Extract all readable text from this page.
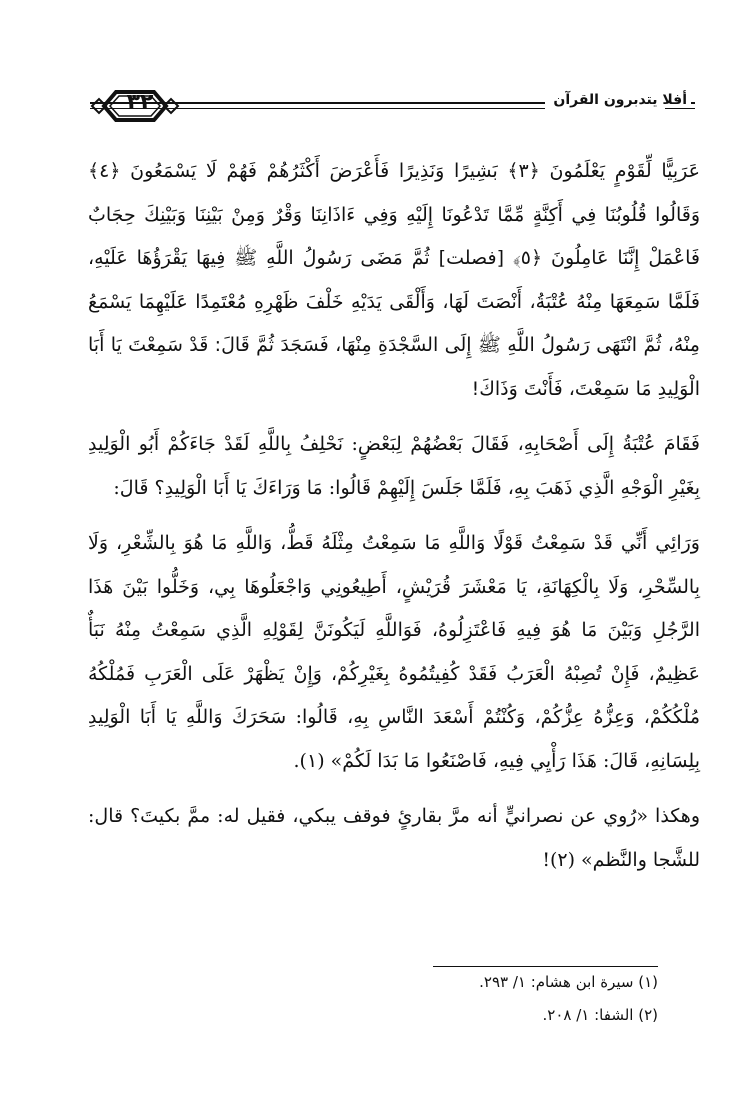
أفلا يتدبرون القرآن
٣٢

عَرَبِيًّا لِّقَوْمٍ يَعْلَمُونَ ﴿٣﴾ بَشِيرًا وَنَذِيرًا فَأَعْرَضَ أَكْثَرُهُمْ فَهُمْ لَا يَسْمَعُونَ ﴿٤﴾ وَقَالُوا قُلُوبُنَا فِي أَكِنَّةٍ مِّمَّا تَدْعُونَا إِلَيْهِ وَفِي ءَاذَانِنَا وَقْرٌ وَمِنْ بَيْنِنَا وَبَيْنِكَ حِجَابٌ فَاعْمَلْ إِنَّنَا عَامِلُونَ ﴿٥﴾ [فصلت] ثُمَّ مَضَى رَسُولُ اللَّهِ ﷺ فِيهَا يَقْرَؤُهَا عَلَيْهِ، فَلَمَّا سَمِعَهَا مِنْهُ عُتْبَةُ، أَنْصَتَ لَهَا، وَأَلْقَى يَدَيْهِ خَلْفَ ظَهْرِهِ مُعْتَمِدًا عَلَيْهِمَا يَسْمَعُ مِنْهُ، ثُمَّ انْتَهَى رَسُولُ اللَّهِ ﷺ إِلَى السَّجْدَةِ مِنْهَا، فَسَجَدَ ثُمَّ قَالَ: قَدْ سَمِعْتَ يَا أَبَا الْوَلِيدِ مَا سَمِعْتَ، فَأَنْتَ وَذَاكَ!

فَقَامَ عُتْبَةُ إِلَى أَصْحَابِهِ، فَقَالَ بَعْضُهُمْ لِبَعْضٍ: نَحْلِفُ بِاللَّهِ لَقَدْ جَاءَكُمْ أَبُو الْوَلِيدِ بِغَيْرِ الْوَجْهِ الَّذِي ذَهَبَ بِهِ، فَلَمَّا جَلَسَ إِلَيْهِمْ قَالُوا: مَا وَرَاءَكَ يَا أَبَا الْوَلِيدِ؟ قَالَ:

وَرَائِي أَنِّي قَدْ سَمِعْتُ قَوْلًا وَاللَّهِ مَا سَمِعْتُ مِثْلَهُ قَطُّ، وَاللَّهِ مَا هُوَ بِالشِّعْرِ، وَلَا بِالسِّحْرِ، وَلَا بِالْكِهَانَةِ، يَا مَعْشَرَ قُرَيْشٍ، أَطِيعُونِي وَاجْعَلُوهَا بِي، وَخَلُّوا بَيْنَ هَذَا الرَّجُلِ وَبَيْنَ مَا هُوَ فِيهِ فَاعْتَزِلُوهُ، فَوَاللَّهِ لَيَكُونَنَّ لِقَوْلِهِ الَّذِي سَمِعْتُ مِنْهُ نَبَأٌ عَظِيمٌ، فَإِنْ تُصِبْهُ الْعَرَبُ فَقَدْ كُفِيتُمُوهُ بِغَيْرِكُمْ، وَإِنْ يَظْهَرْ عَلَى الْعَرَبِ فَمُلْكُهُ مُلْكُكُمْ، وَعِزُّهُ عِزُّكُمْ، وَكُنْتُمْ أَسْعَدَ النَّاسِ بِهِ، قَالُوا: سَحَرَكَ وَاللَّهِ يَا أَبَا الْوَلِيدِ بِلِسَانِهِ، قَالَ: هَذَا رَأْيِي فِيهِ، فَاصْنَعُوا مَا بَدَا لَكُمْ» (١).

وهكذا «رُوي عن نصرانيٍّ أنه مرَّ بقارئٍ فوقف يبكي، فقيل له: ممَّ بكيتَ؟ قال: للشَّجا والنَّظم» (٢)!

(١) سيرة ابن هشام: ١/ ٢٩٣.
(٢) الشفا: ١/ ٢٠٨.
